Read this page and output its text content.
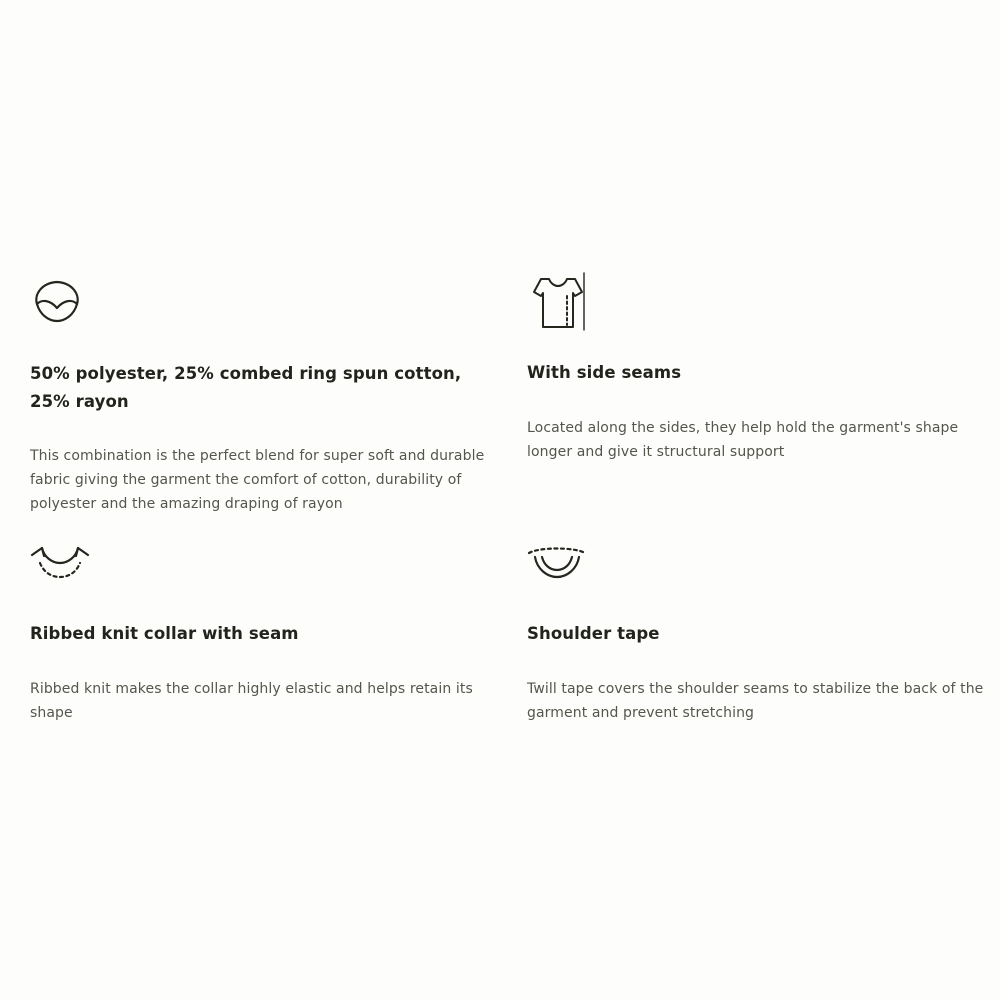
50% polyester, 25% combed ring spun cotton, 25% rayon

This combination is the perfect blend for super soft and durable fabric giving the garment the comfort of cotton, durability of polyester and the amazing draping of rayon

With side seams

Located along the sides, they help hold the garment's shape longer and give it structural support

Ribbed knit collar with seam

Ribbed knit makes the collar highly elastic and helps retain its shape

Shoulder tape

Twill tape covers the shoulder seams to stabilize the back of the garment and prevent stretching
